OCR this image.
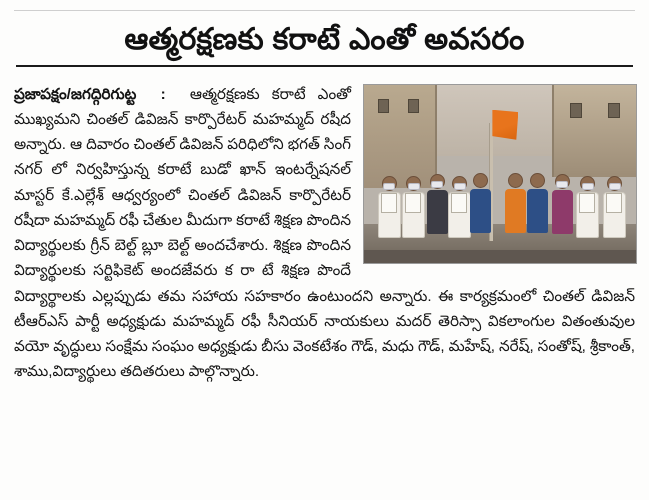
ఆత్మరక్షణకు కరాటే ఎంతో అవసరం

ప్రజాపక్షం/జగద్గిరిగుట్ట : ఆత్మరక్షణకు కరాటే ఎంతో ముఖ్యమని చింతల్ డివిజన్ కార్పొరేటర్ మహమ్మద్ రషీద అన్నారు. ఆ దివారం చింతల్ డివిజన్ పరిధిలోని భగత్ సింగ్ నగర్ లో నిర్వహిస్తున్న కరాటే బుడో ఖాన్ ఇంటర్నేషనల్ మాస్టర్ కే.ఎల్లేశ్ ఆధ్వర్యంలో చింతల్ డివిజన్ కార్పొరేటర్ రషీదా మహమ్మద్ రఫీ చేతుల మీదుగా కరాటే శిక్షణ పొందిన విద్యార్థులకు గ్రీన్ బెల్ట్ బ్లూ బెల్ట్ అందచేశారు. శిక్షణ పొందిన విద్యార్థులకు సర్టిఫికెట్ అందజేవరు క రా టే శిక్షణ పొందే విద్యార్థాలకు ఎల్లప్పుడు తమ సహాయ సహకారం ఉంటుందని అన్నారు. ఈ కార్యక్రమంలో చింతల్ డివిజన్ టీఆర్ఎస్ పార్టీ అధ్యక్షుడు మహమ్మద్ రఫీ సీనియర్ నాయకులు మదర్ తెరిస్సా వికలాంగుల వితంతువుల వయో వృద్ధులు సంక్షేమ సంఘం అధ్యక్షుడు బీసు వెంకటేశం గౌడ్, మధు గౌడ్, మహేష్, నరేష్, సంతోష్, శ్రీకాంత్, శాము,విద్యార్థులు తదితరులు పాల్గొన్నారు.
